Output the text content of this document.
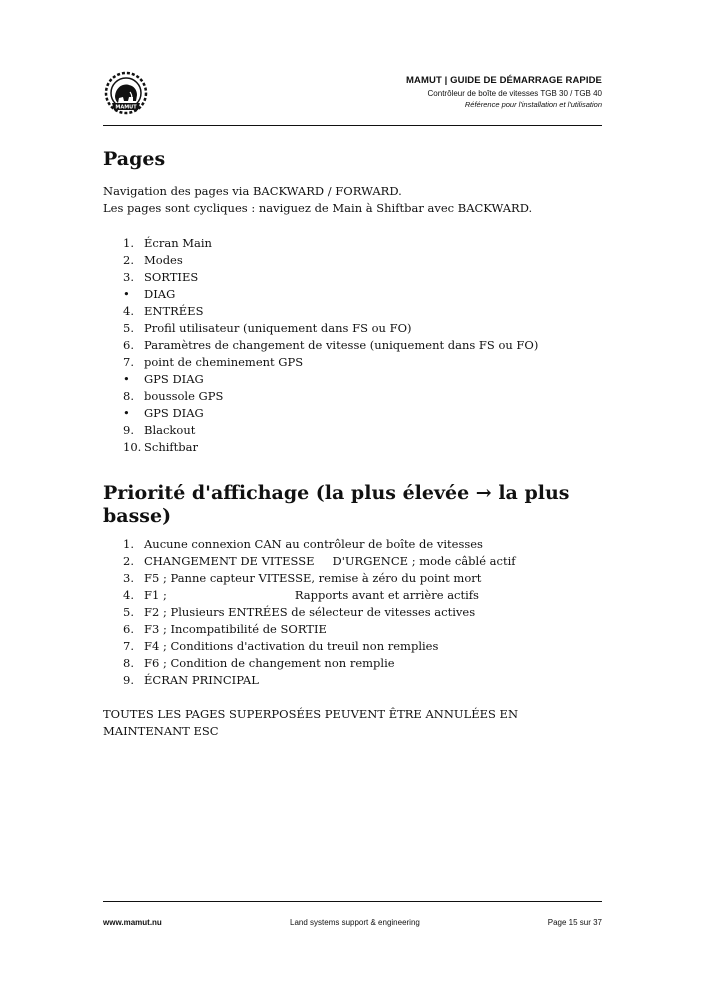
MAMUT
MAMUT | GUIDE DE DÉMARRAGE RAPIDE
Contrôleur de boîte de vitesses TGB 30 / TGB 40
Référence pour l'installation et l'utilisation
Pages

Navigation des pages via BACKWARD / FORWARD.

Les pages sont cycliques : naviguez de Main à Shiftbar avec BACKWARD.

1. Écran Main
2. Modes
3. SORTIES
•	DIAG
4. ENTRÉES
5. Profil utilisateur (uniquement dans FS ou FO)
6. Paramètres de changement de vitesse (uniquement dans FS ou FO)
7. point de cheminement GPS
•	GPS DIAG
8. boussole GPS
•	GPS DIAG
9. Blackout
10. Schiftbar
Priorité d'affichage (la plus élevée → la plus basse)
1. Aucune connexion CAN au contrôleur de boîte de vitesses
2. CHANGEMENT DE VITESSE D'URGENCE ; mode câblé actif
3. F5 ; Panne capteur VITESSE, remise à zéro du point mort
4. F1 ;	Rapports avant et arrière actifs
5. F2 ; Plusieurs ENTRÉES de sélecteur de vitesses actives
6. F3 ; Incompatibilité de SORTIE
7. F4 ; Conditions d'activation du treuil non remplies
8. F6 ; Condition de changement non remplie
9. ÉCRAN PRINCIPAL

TOUTES LES PAGES SUPERPOSÉES PEUVENT ÊTRE ANNULÉES EN MAINTENANT ESC

www.mamut.nu	Land systems support & engineering	Page 15 sur 37
